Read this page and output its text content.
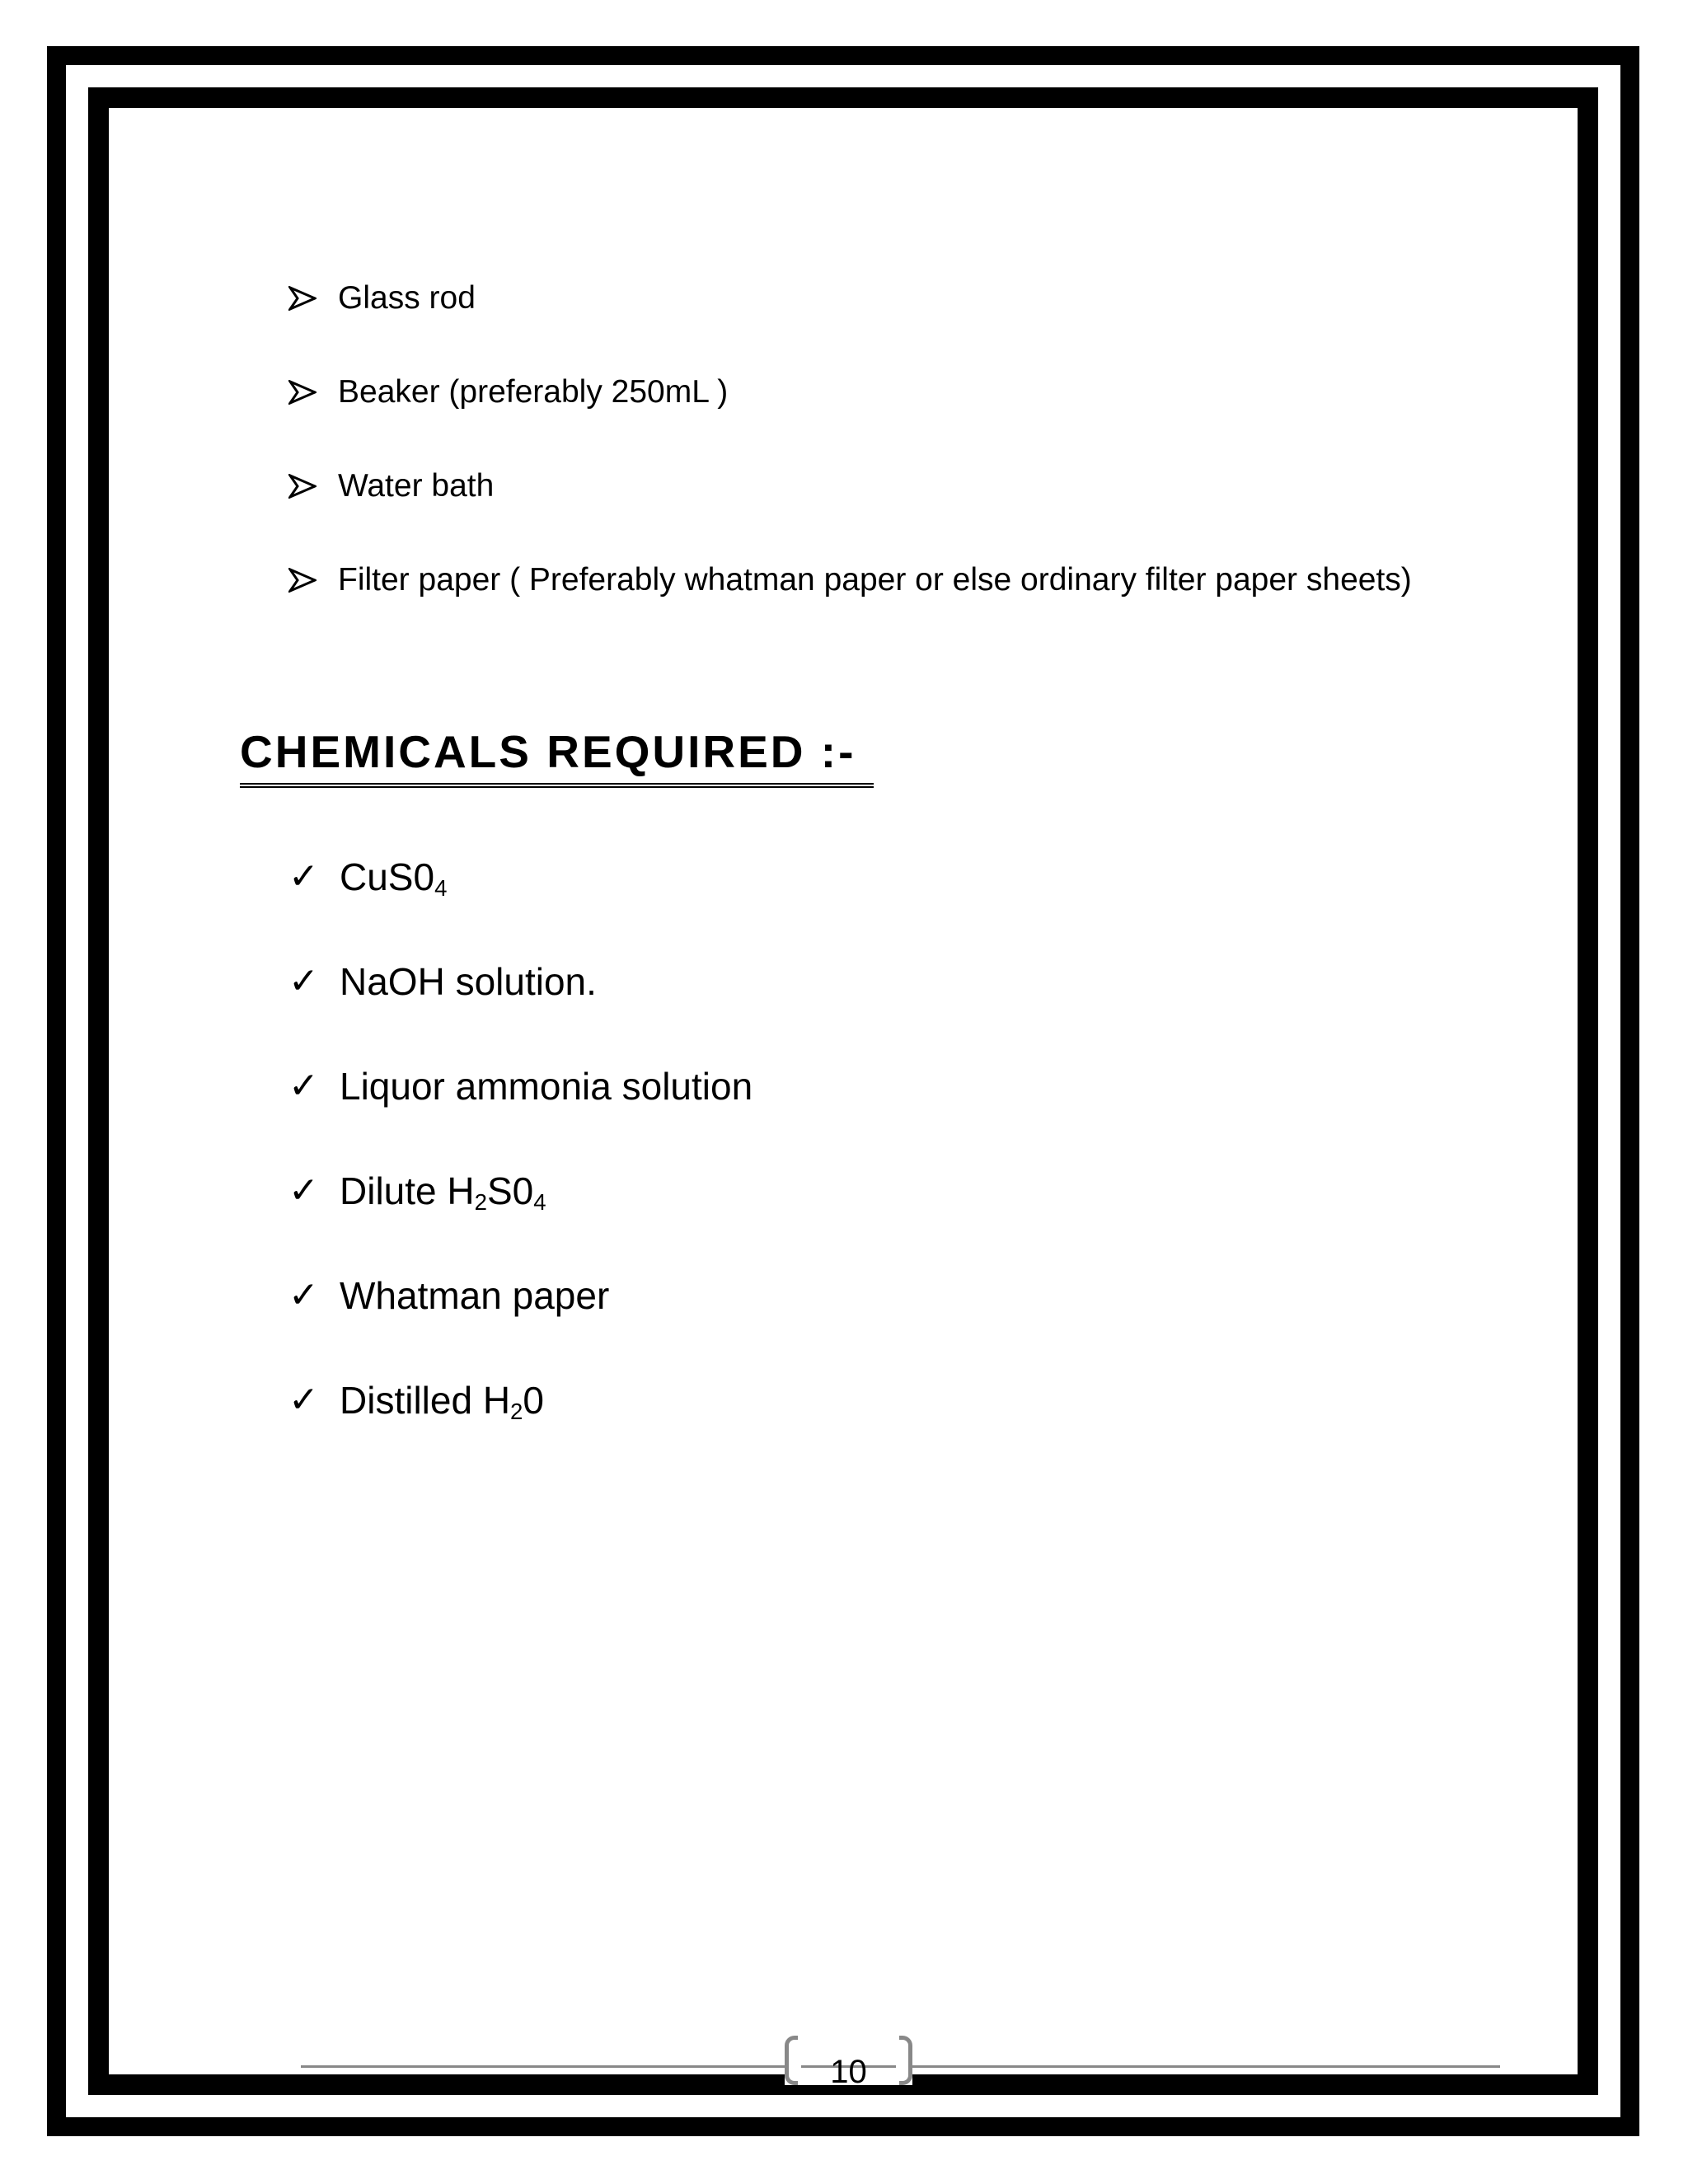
Glass rod
Beaker (preferably 250mL )
Water bath
Filter paper ( Preferably whatman paper or else ordinary filter paper sheets)
CHEMICALS REQUIRED :-
✓ $CuS0_4$
✓ NaOH solution.
✓ Liquor ammonia solution
✓ Dilute $H_2S0_4$
✓ Whatman paper
✓ Distilled $H_20$
10
